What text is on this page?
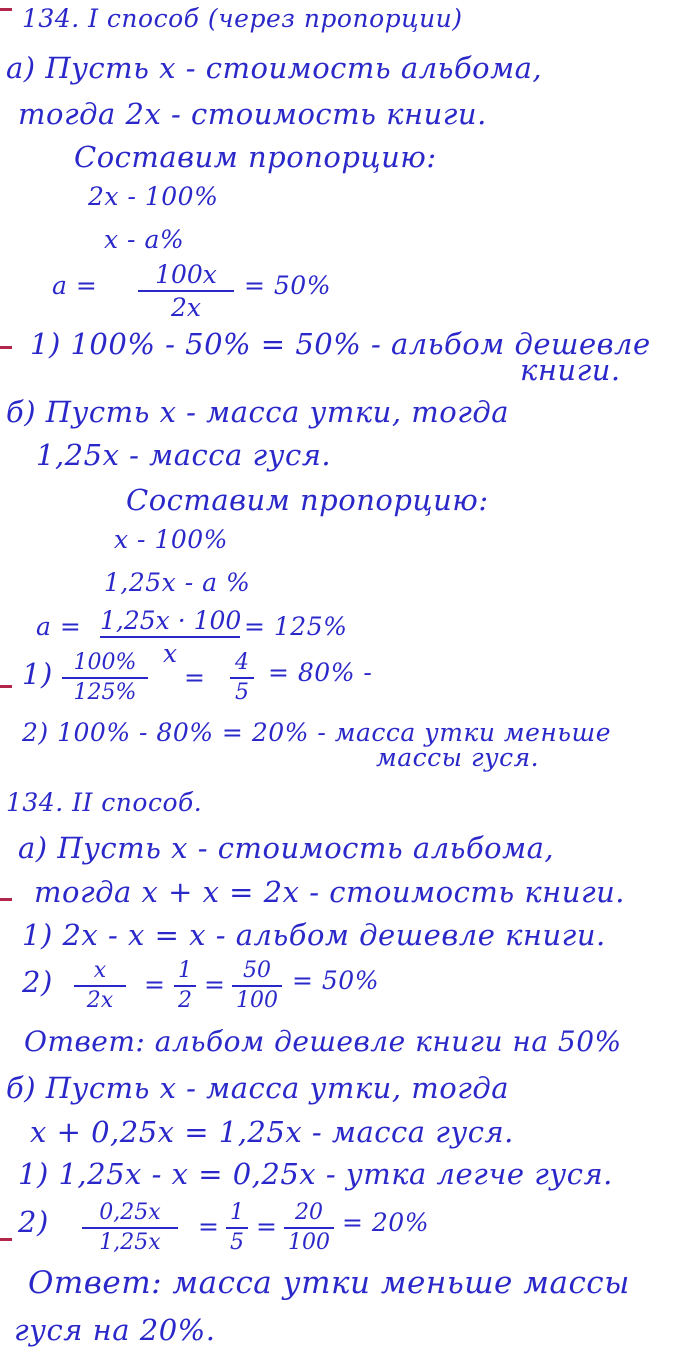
134. I способ (через пропорции)
а) Пусть x - стоимость альбома,
тогда 2x - стоимость книги.
Составим пропорцию:
2x - 100%
x - а%
а =	100x
2x
= 50%
1) 100% - 50% = 50% - альбом дешевле
книги.
б) Пусть x - масса утки, тогда
1,25x - масса гуся.
Составим пропорцию:
x - 100%
1,25x - а %
а = 1,25x · 100
x
= 125%
1) 100%
125%
=
4
5
= 80% -
2) 100% - 80% = 20% - масса утки меньше
массы гуся.
134. II способ.
а) Пусть x - стоимость альбома,
тогда x + x = 2x - стоимость книги.
1) 2x - x = x - альбом дешевле книги.
2)	x
2x
= 1
2
= 50
100
= 50%
Ответ: альбом дешевле книги на 50%
б) Пусть x - масса утки, тогда
x + 0,25x = 1,25x - масса гуся.
1) 1,25x - x = 0,25x - утка легче гуся.
2)	0,25x
1,25x
= 1
5
= 20
100
= 20%
Ответ: масса утки меньше массы
гуся на 20%.
